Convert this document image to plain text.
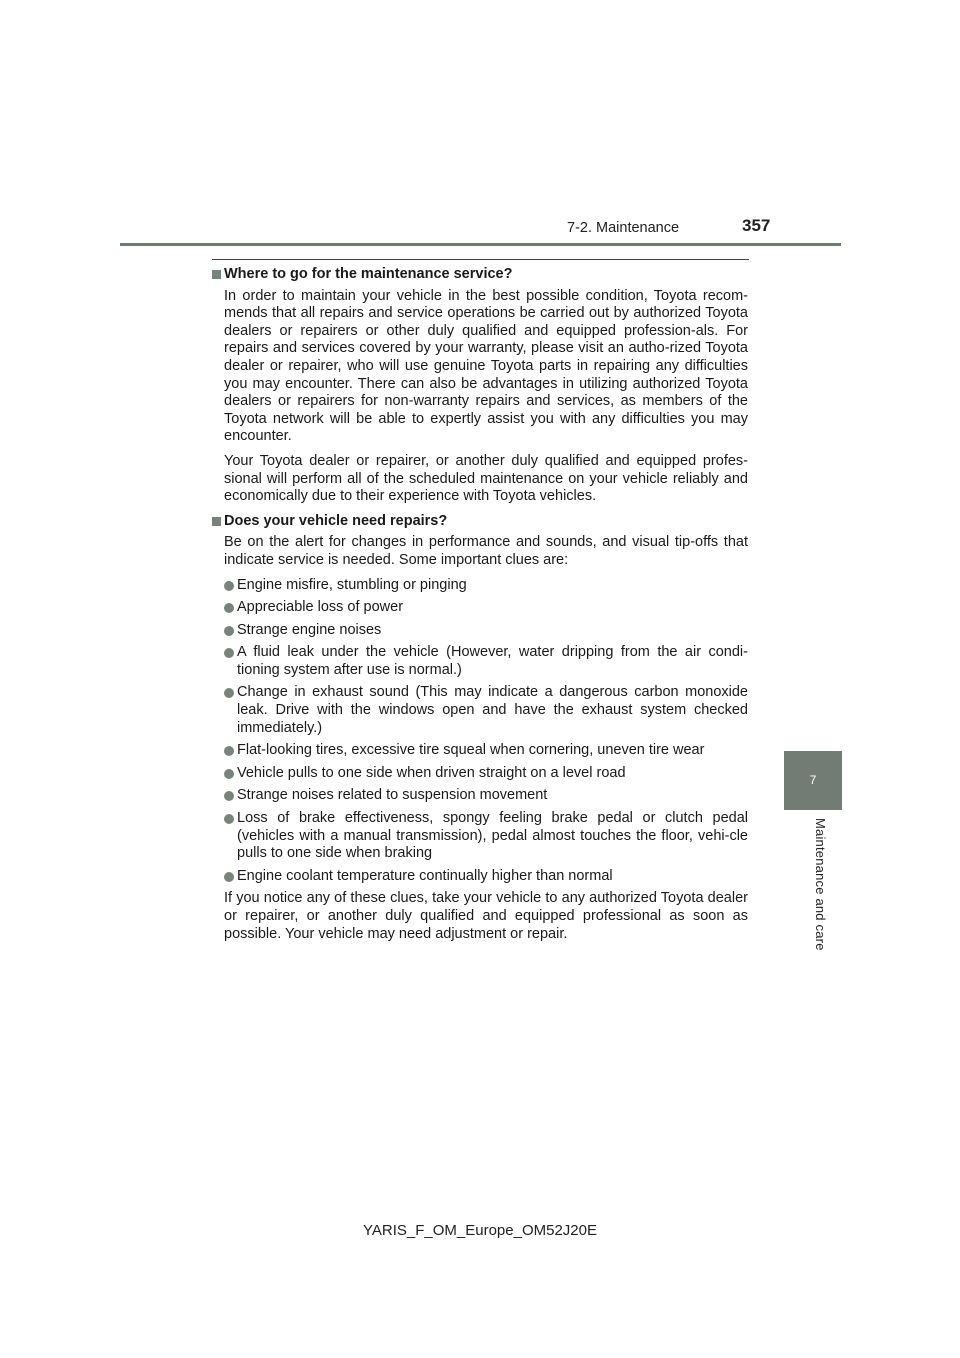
7-2. Maintenance	357
Where to go for the maintenance service?
In order to maintain your vehicle in the best possible condition, Toyota recom-mends that all repairs and service operations be carried out by authorized Toyota dealers or repairers or other duly qualified and equipped profession-als. For repairs and services covered by your warranty, please visit an autho-rized Toyota dealer or repairer, who will use genuine Toyota parts in repairing any difficulties you may encounter. There can also be advantages in utilizing authorized Toyota dealers or repairers for non-warranty repairs and services, as members of the Toyota network will be able to expertly assist you with any difficulties you may encounter.
Your Toyota dealer or repairer, or another duly qualified and equipped profes-sional will perform all of the scheduled maintenance on your vehicle reliably and economically due to their experience with Toyota vehicles.
Does your vehicle need repairs?
Be on the alert for changes in performance and sounds, and visual tip-offs that indicate service is needed. Some important clues are:
Engine misfire, stumbling or pinging
Appreciable loss of power
Strange engine noises
A fluid leak under the vehicle (However, water dripping from the air condi-tioning system after use is normal.)
Change in exhaust sound (This may indicate a dangerous carbon monoxide leak. Drive with the windows open and have the exhaust system checked immediately.)
Flat-looking tires, excessive tire squeal when cornering, uneven tire wear
Vehicle pulls to one side when driven straight on a level road
Strange noises related to suspension movement
Loss of brake effectiveness, spongy feeling brake pedal or clutch pedal (vehicles with a manual transmission), pedal almost touches the floor, vehi-cle pulls to one side when braking
Engine coolant temperature continually higher than normal
If you notice any of these clues, take your vehicle to any authorized Toyota dealer or repairer, or another duly qualified and equipped professional as soon as possible. Your vehicle may need adjustment or repair.
7
Maintenance and care
YARIS_F_OM_Europe_OM52J20E
